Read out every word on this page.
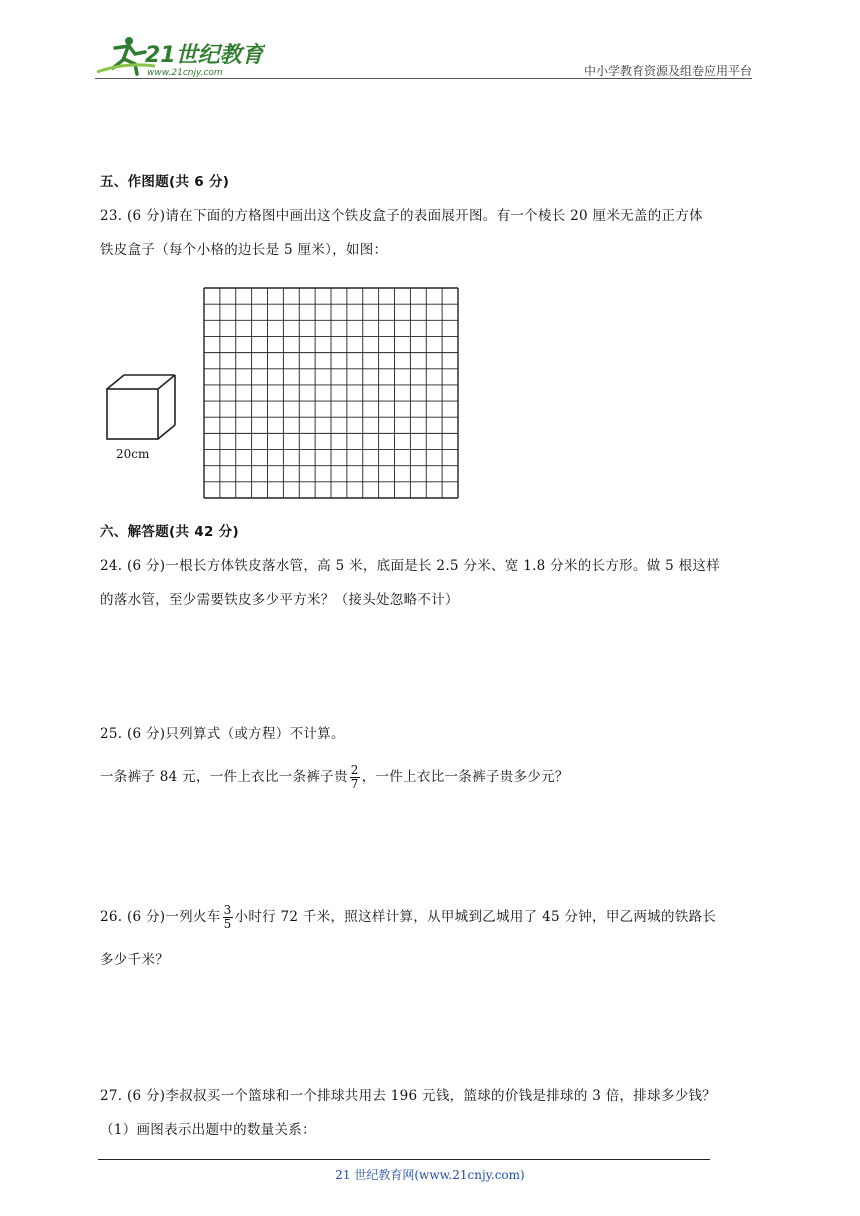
21世纪教育
www.21cnjy.com	中小学教育资源及组卷应用平台
五、作图题(共 6 分)
23. (6 分)请在下面的方格图中画出这个铁皮盒子的表面展开图。有一个棱长 20 厘米无盖的正方体
铁皮盒子（每个小格的边长是 5 厘米），如图：
20cm
六、解答题(共 42 分)
24. (6 分)一根长方体铁皮落水管，高 5 米，底面是长 2.5 分米、宽 1.8 分米的长方形。做 5 根这样
的落水管，至少需要铁皮多少平方米？（接头处忽略不计）
25. (6 分)只列算式（或方程）不计算。
一条裤子 84 元，一件上衣比一条裤子贵 $\frac{2}{7}$ ，一件上衣比一条裤子贵多少元？
26. (6 分)一列火车 $\frac{3}{5}$ 小时行 72 千米，照这样计算，从甲城到乙城用了 45 分钟，甲乙两城的铁路长
多少千米？
27. (6 分)李叔叔买一个篮球和一个排球共用去 196 元钱，篮球的价钱是排球的 3 倍，排球多少钱？
（1）画图表示出题中的数量关系：
21 世纪教育网(www.21cnjy.com)
